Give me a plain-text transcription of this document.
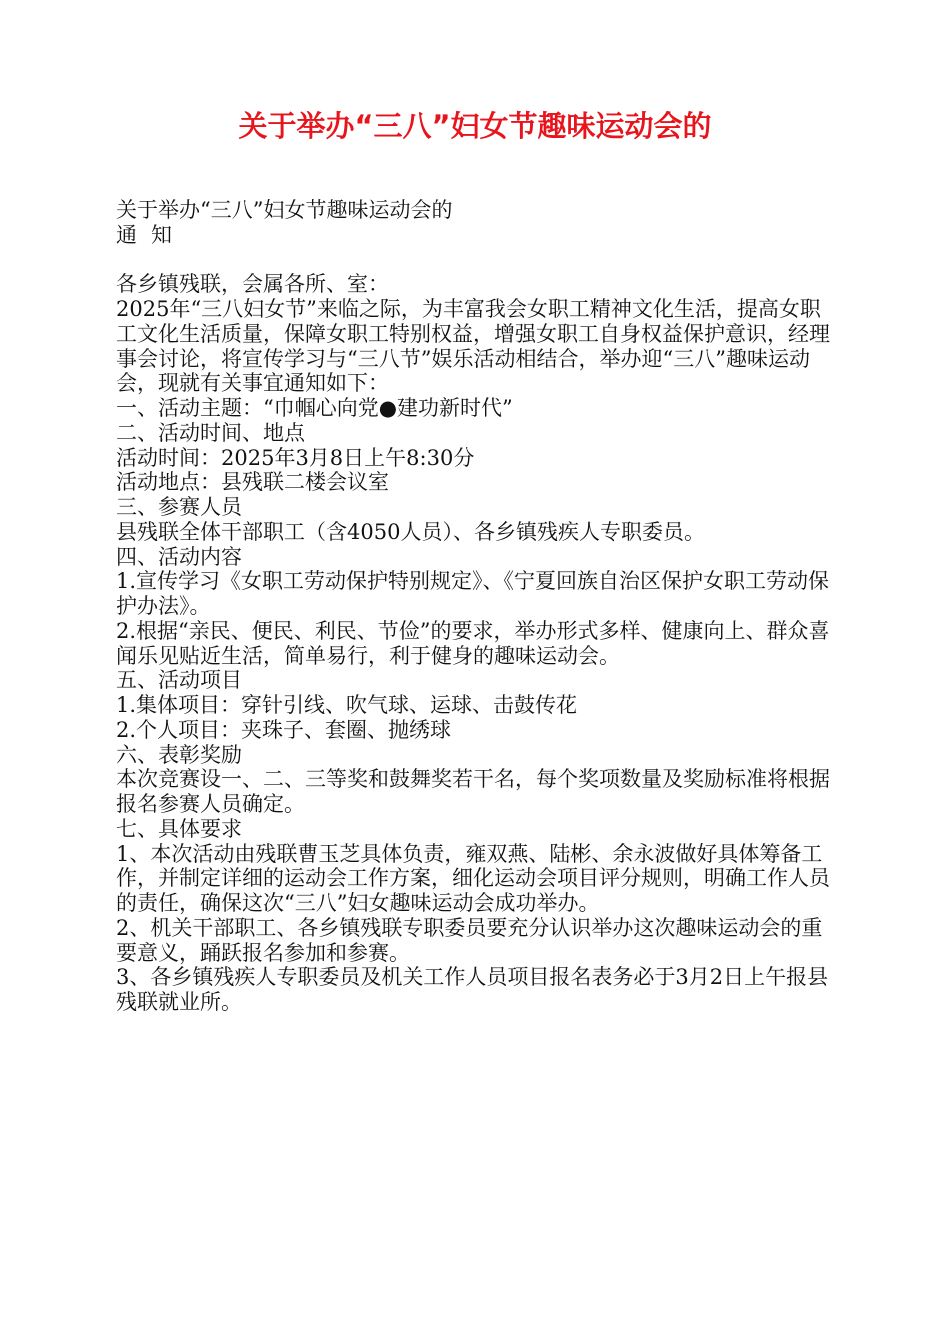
关于举办“三八”妇女节趣味运动会的

关于举办“三八”妇女节趣味运动会的

通知

各乡镇残联，会属各所、室：

2025年“三八妇女节”来临之际，为丰富我会女职工精神文化生活，提高女职工文化生活质量，保障女职工特别权益，增强女职工自身权益保护意识，经理事会讨论，将宣传学习与“三八节”娱乐活动相结合，举办迎“三八”趣味运动会，现就有关事宜通知如下：

一、活动主题：“巾帼心向党●建功新时代”

二、活动时间、地点

活动时间：2025年3月8日上午8:30分

活动地点：县残联二楼会议室

三、参赛人员

县残联全体干部职工（含4050人员）、各乡镇残疾人专职委员。

四、活动内容

1.宣传学习《女职工劳动保护特别规定》、《宁夏回族自治区保护女职工劳动保护办法》。

2.根据“亲民、便民、利民、节俭”的要求，举办形式多样、健康向上、群众喜闻乐见贴近生活，简单易行，利于健身的趣味运动会。

五、活动项目

1.集体项目：穿针引线、吹气球、运球、击鼓传花

2.个人项目：夹珠子、套圈、抛绣球

六、表彰奖励

本次竞赛设一、二、三等奖和鼓舞奖若干名，每个奖项数量及奖励标准将根据报名参赛人员确定。

七、具体要求

1、本次活动由残联曹玉芝具体负责，雍双燕、陆彬、余永波做好具体筹备工作，并制定详细的运动会工作方案，细化运动会项目评分规则，明确工作人员的责任，确保这次“三八”妇女趣味运动会成功举办。

2、机关干部职工、各乡镇残联专职委员要充分认识举办这次趣味运动会的重要意义，踊跃报名参加和参赛。

3、各乡镇残疾人专职委员及机关工作人员项目报名表务必于3月2日上午报县残联就业所。
